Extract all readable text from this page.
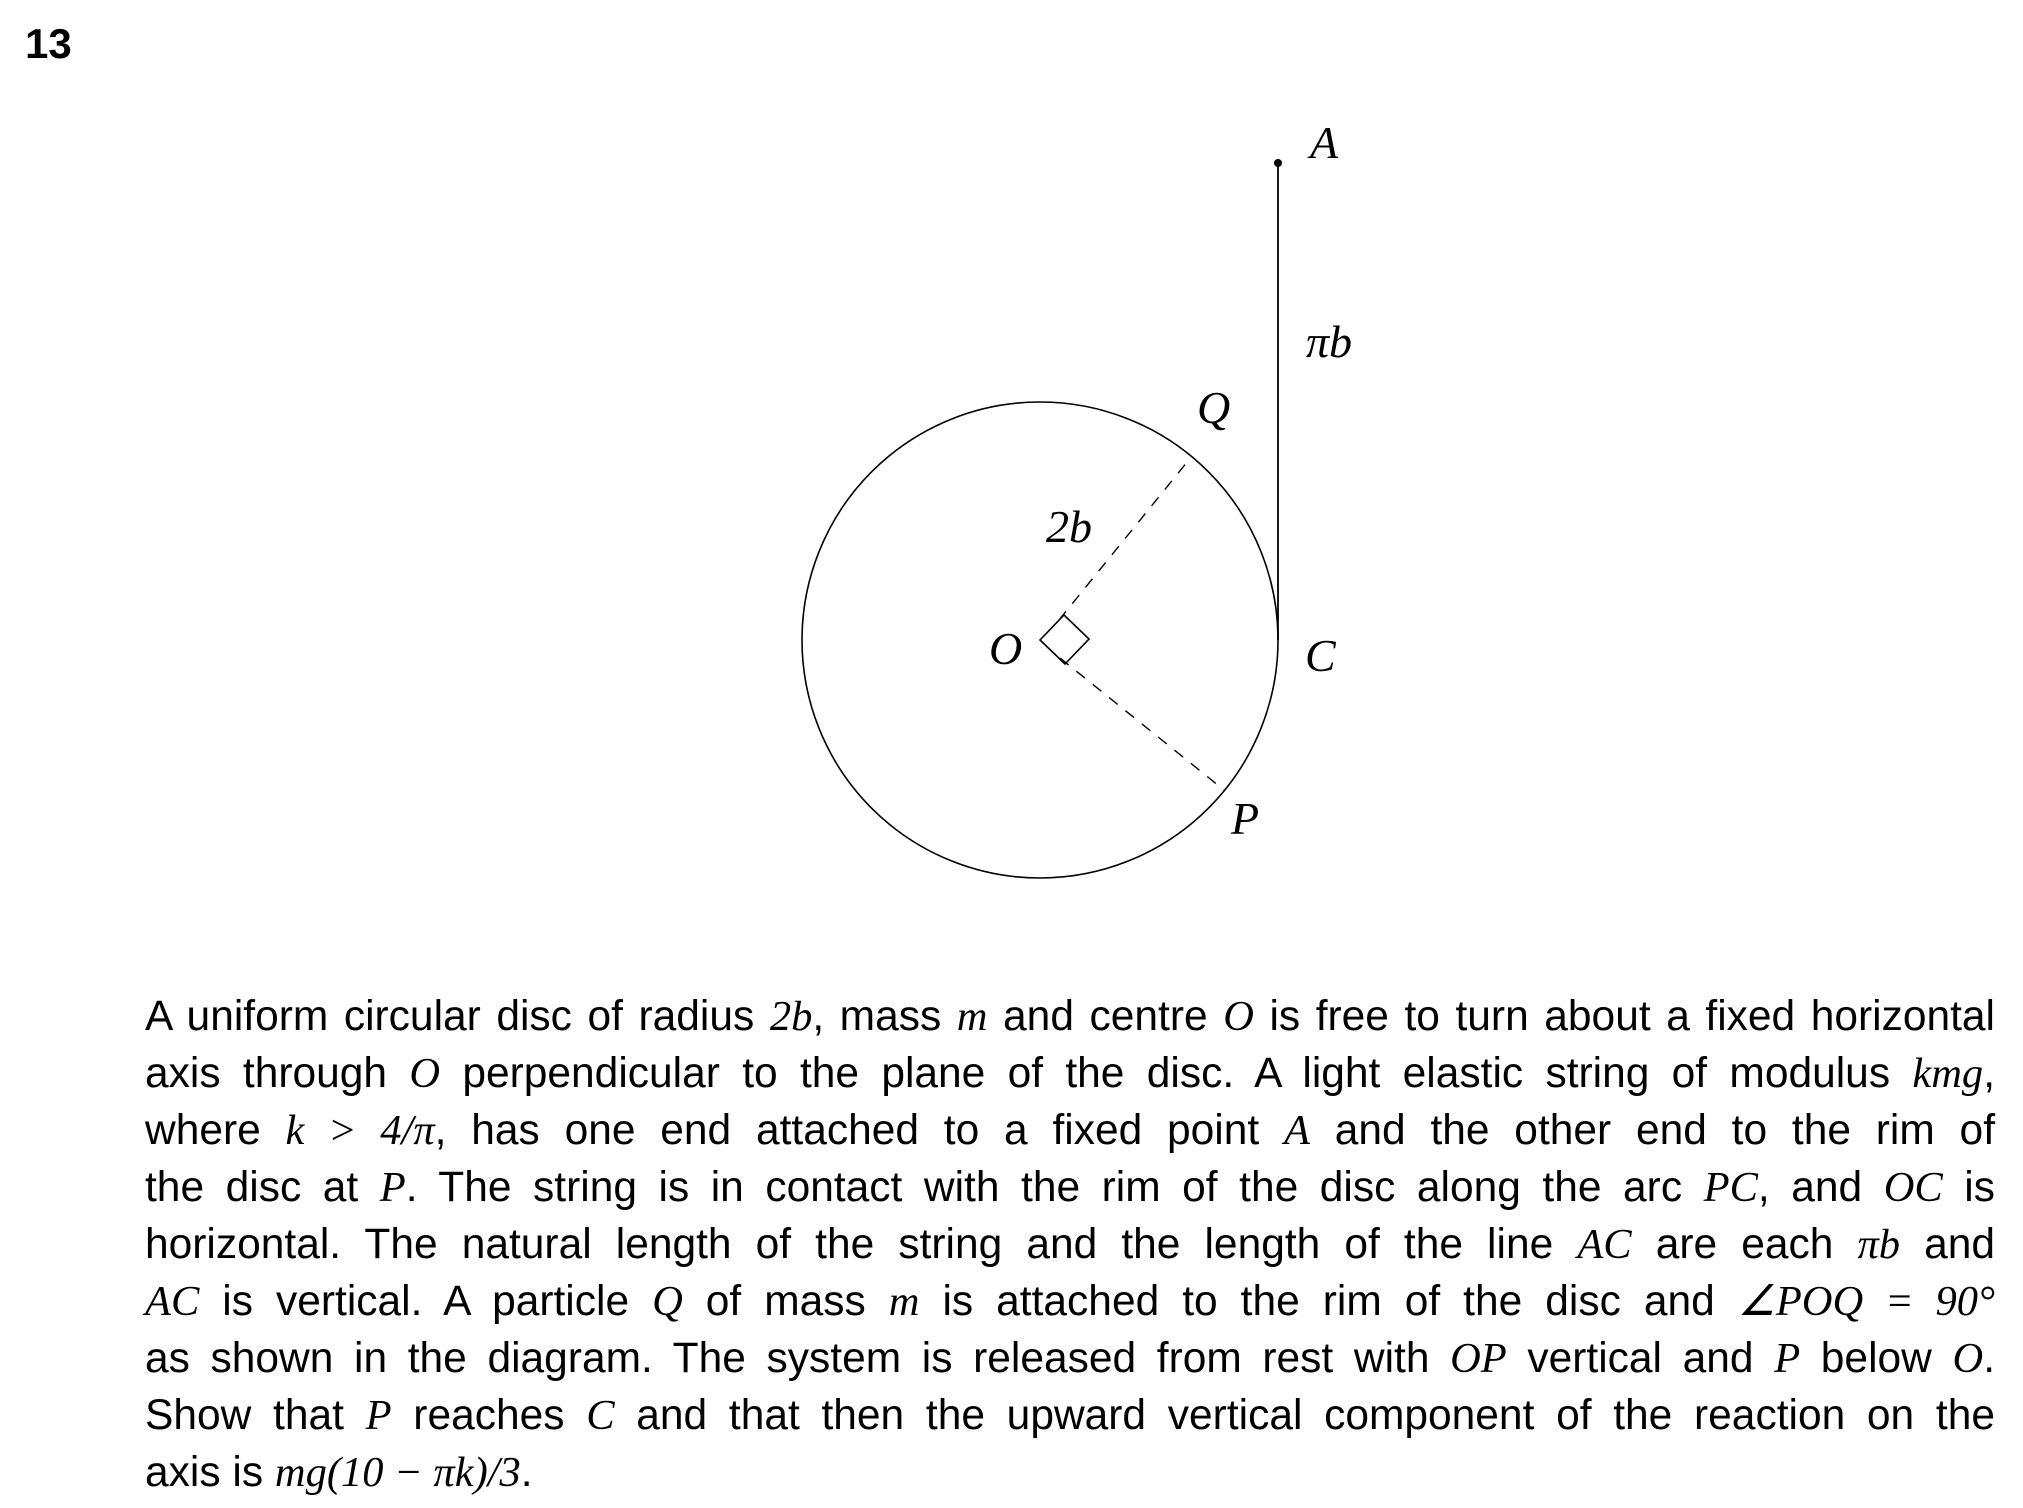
13
A
πb
Q
2b
O	C
P
A uniform circular disc of radius 2b, mass m and centre O is free to turn about a fixed horizontal
axis through O perpendicular to the plane of the disc. A light elastic string of modulus kmg,
where k > 4/π, has one end attached to a fixed point A and the other end to the rim of
the disc at P. The string is in contact with the rim of the disc along the arc PC, and OC is
horizontal. The natural length of the string and the length of the line AC are each πb and
AC is vertical. A particle Q of mass m is attached to the rim of the disc and ∠POQ = 90°
as shown in the diagram. The system is released from rest with OP vertical and P below O.
Show that P reaches C and that then the upward vertical component of the reaction on the
axis is mg(10 − πk)/3.
